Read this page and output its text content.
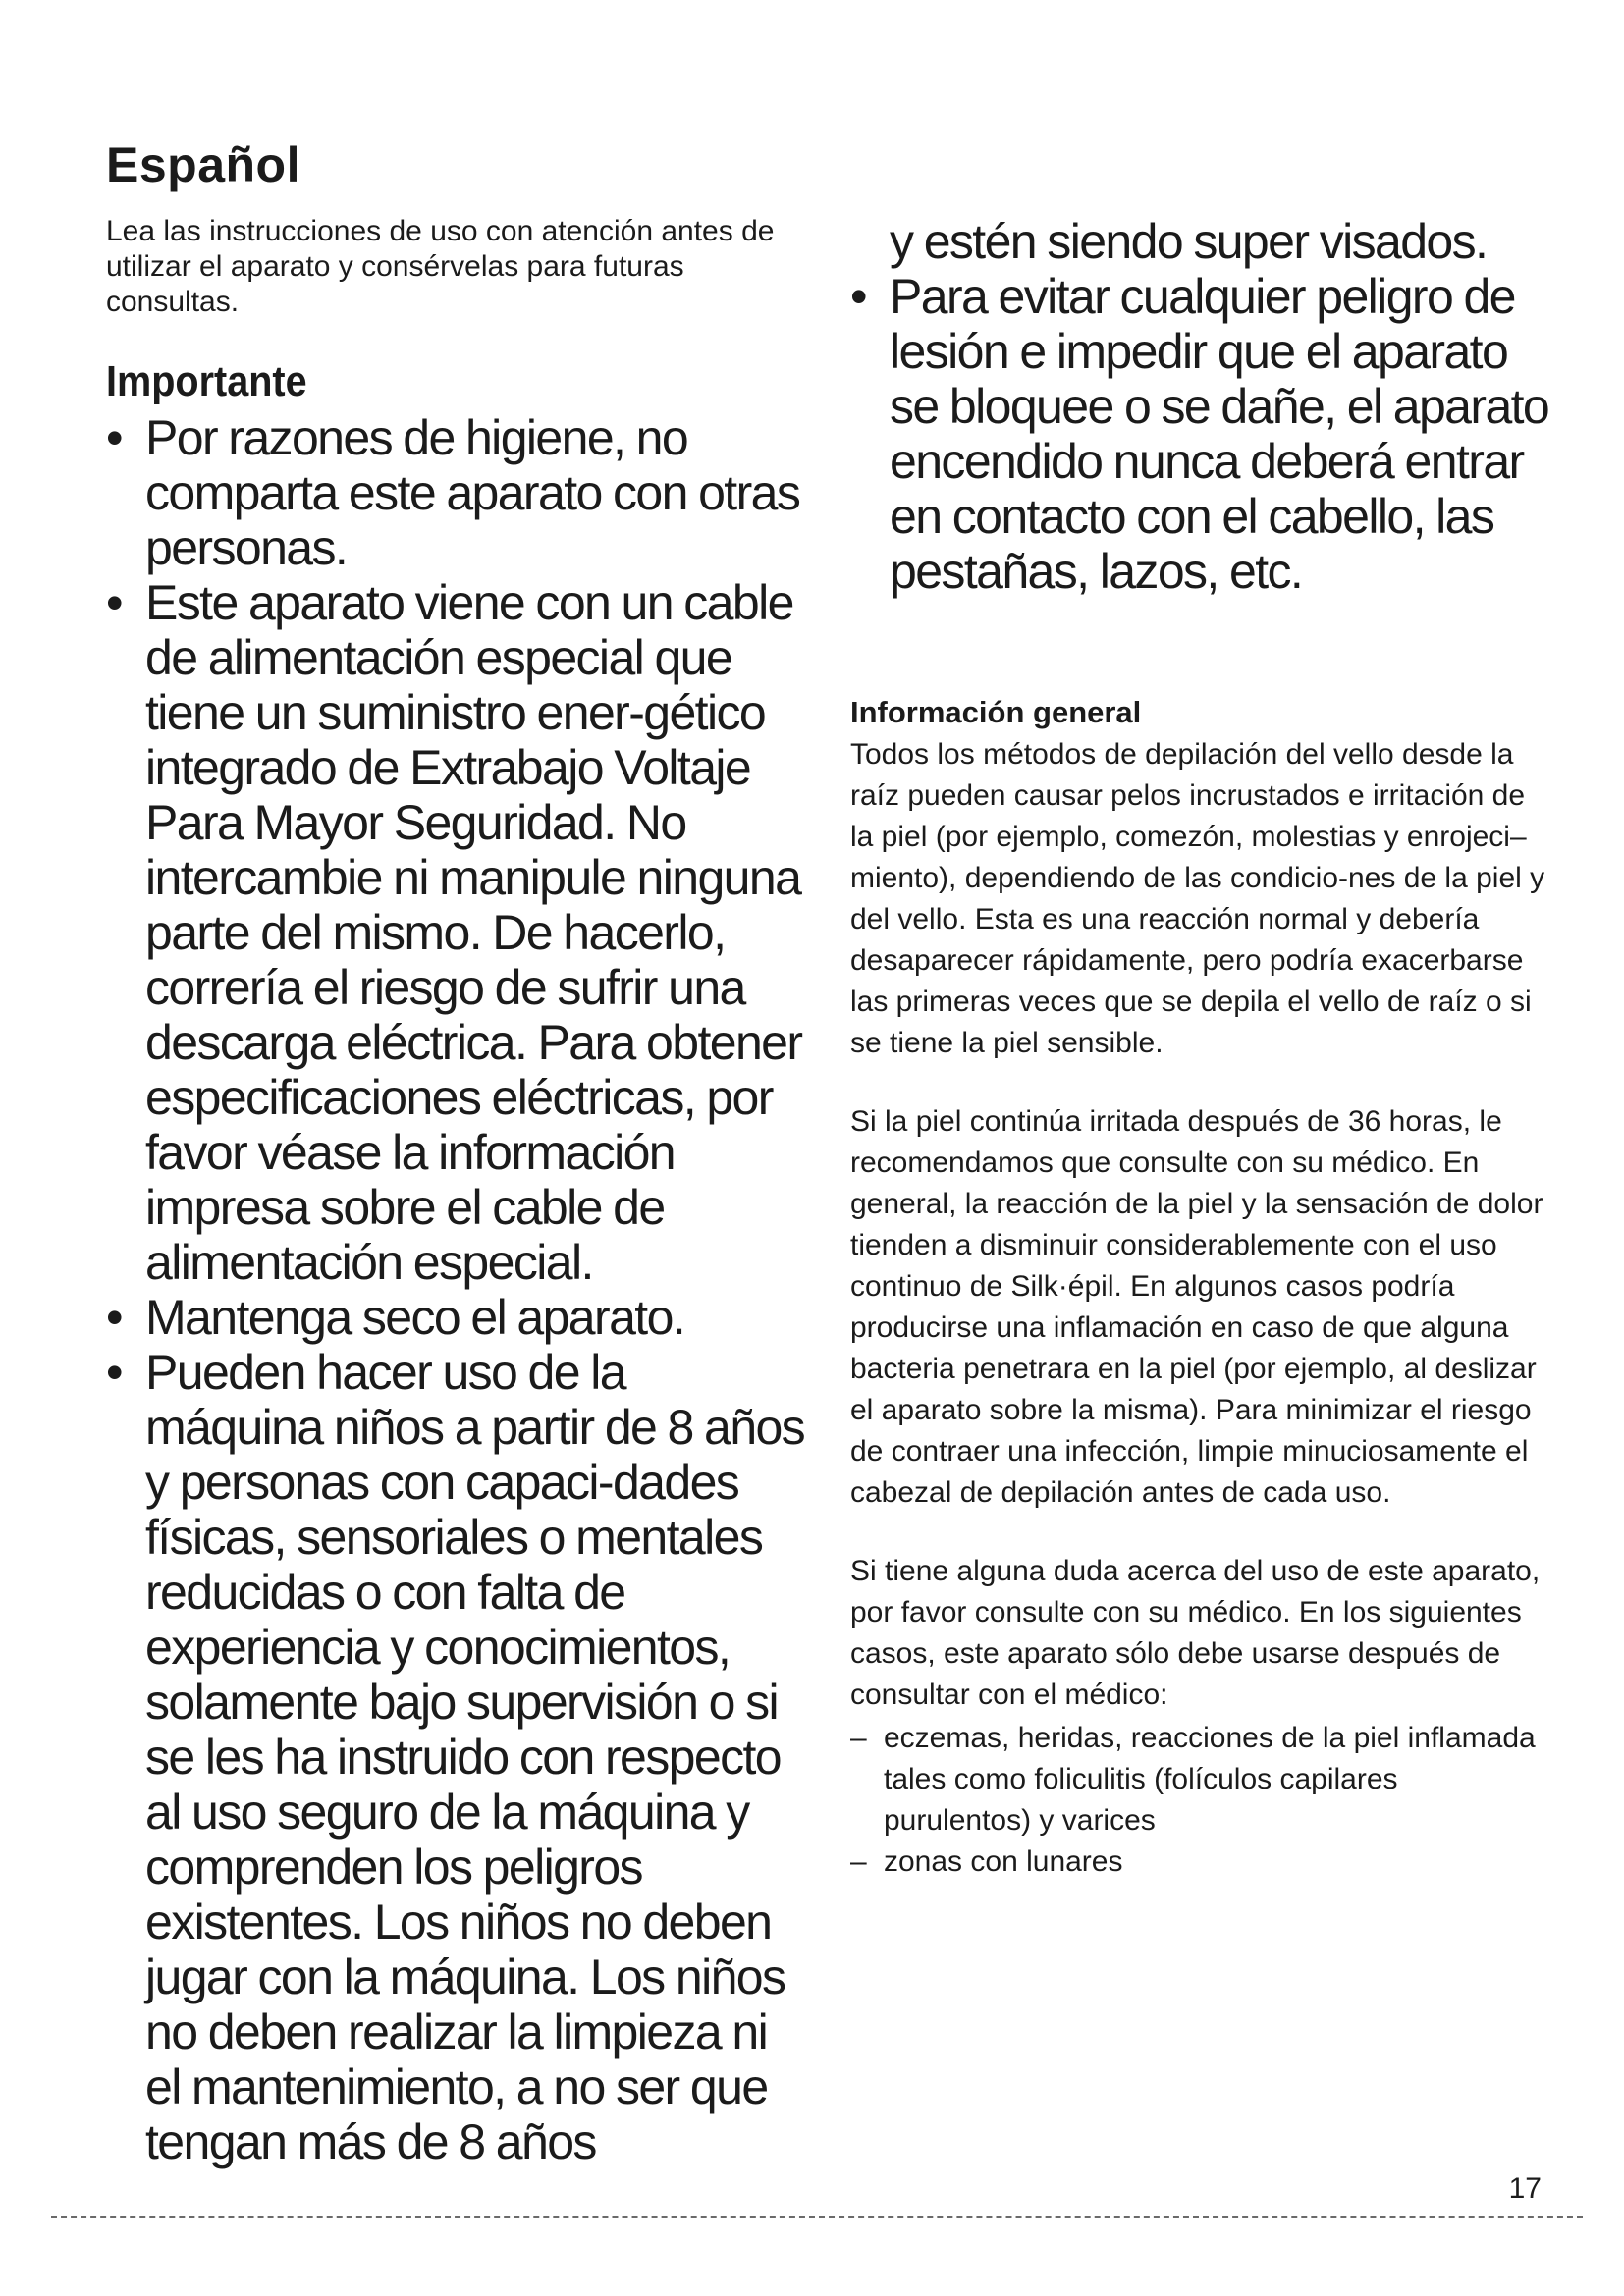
Español

Lea las instrucciones de uso con atención antes de utilizar el aparato y consérvelas para futuras consultas.

Importante
• Por razones de higiene, no comparta este aparato con otras personas.
• Este aparato viene con un cable de alimentación especial que tiene un suministro ener-gético integrado de Extrabajo Voltaje Para Mayor Seguridad. No intercambie ni manipule ninguna parte del mismo. De hacerlo, correría el riesgo de sufrir una descarga eléctrica. Para obtener especificaciones eléctricas, por favor véase la información impresa sobre el cable de alimentación especial.
• Mantenga seco el aparato.
• Pueden hacer uso de la máquina niños a partir de 8 años y personas con capaci-dades físicas, sensoriales o mentales reducidas o con falta de experiencia y conocimientos, solamente bajo supervisión o si se les ha instruido con respecto al uso seguro de la máquina y comprenden los peligros existentes. Los niños no deben jugar con la máquina. Los niños no deben realizar la limpieza ni el mantenimiento, a no ser que tengan más de 8 años
y estén siendo super visados.
• Para evitar cualquier peligro de lesión e impedir que el aparato se bloquee o se dañe, el aparato encendido nunca deberá entrar en contacto con el cabello, las pestañas, lazos, etc.
Información general

Todos los métodos de depilación del vello desde la raíz pueden causar pelos incrustados e irritación de la piel (por ejemplo, comezón, molestias y enrojeci–miento), dependiendo de las condicio-nes de la piel y del vello. Esta es una reacción normal y debería desaparecer rápidamente, pero podría exacerbarse las primeras veces que se depila el vello de raíz o si se tiene la piel sensible.

Si la piel continúa irritada después de 36 horas, le recomendamos que consulte con su médico. En general, la reacción de la piel y la sensación de dolor tienden a disminuir considerablemente con el uso continuo de Silk·épil. En algunos casos podría producirse una inflamación en caso de que alguna bacteria penetrara en la piel (por ejemplo, al deslizar el aparato sobre la misma). Para minimizar el riesgo de contraer una infección, limpie minuciosamente el cabezal de depilación antes de cada uso.

Si tiene alguna duda acerca del uso de este aparato, por favor consulte con su médico. En los siguientes casos, este aparato sólo debe usarse después de consultar con el médico:

– eczemas, heridas, reacciones de la piel inflamada tales como foliculitis (folículos capilares purulentos) y varices
– zonas con lunares
17
